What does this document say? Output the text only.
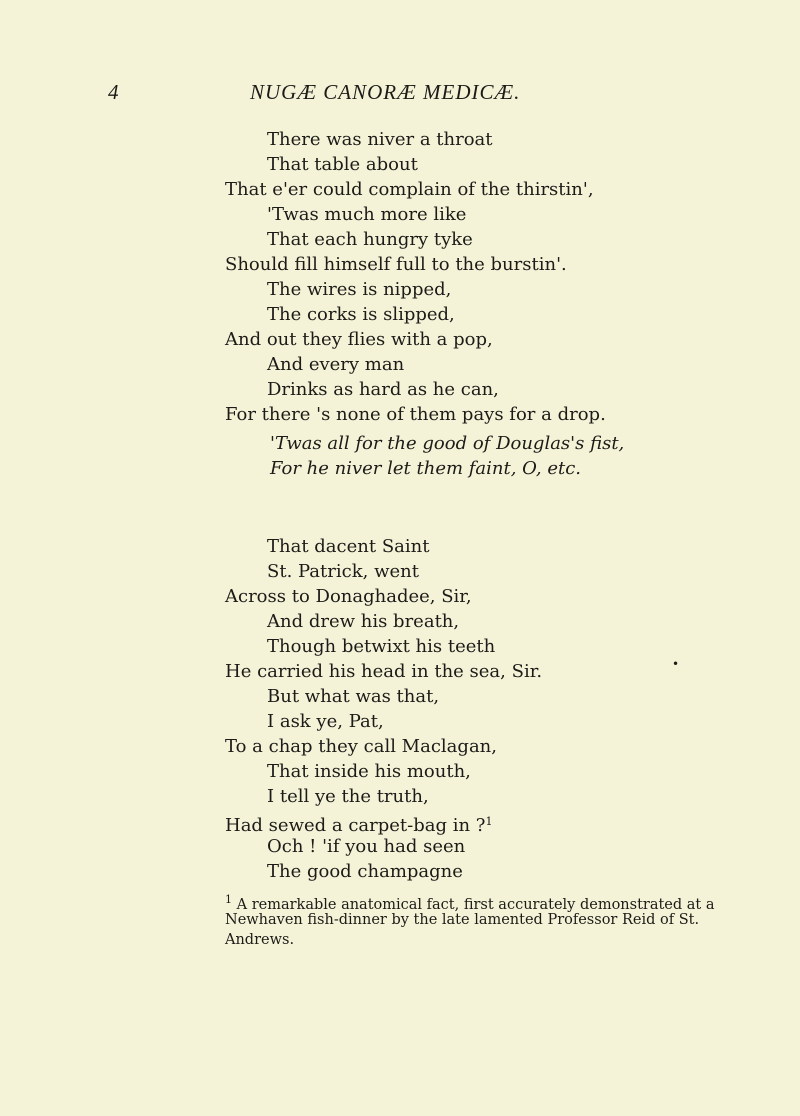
4	NUGÆ CANORÆ MEDICÆ.
There was niver a throat
That table about
That e'er could complain of the thirstin',
'Twas much more like
That each hungry tyke
Should fill himself full to the burstin'.
The wires is nipped,
The corks is slipped,
And out they flies with a pop,
And every man
Drinks as hard as he can,
For there 's none of them pays for a drop.
'Twas all for the good of Douglas's fist,
For he niver let them faint, O, etc.
That dacent Saint
St. Patrick, went
Across to Donaghadee, Sir,
And drew his breath,
Though betwixt his teeth
He carried his head in the sea, Sir.
But what was that,
I ask ye, Pat,
To a chap they call Maclagan,
That inside his mouth,
I tell ye the truth,
Had sewed a carpet-bag in ?$^1$
Och ! 'if you had seen
The good champagne
•
$^1$ A remarkable anatomical fact, first accurately demonstrated at a
Newhaven fish-dinner by the late lamented Professor Reid of St.
Andrews.
